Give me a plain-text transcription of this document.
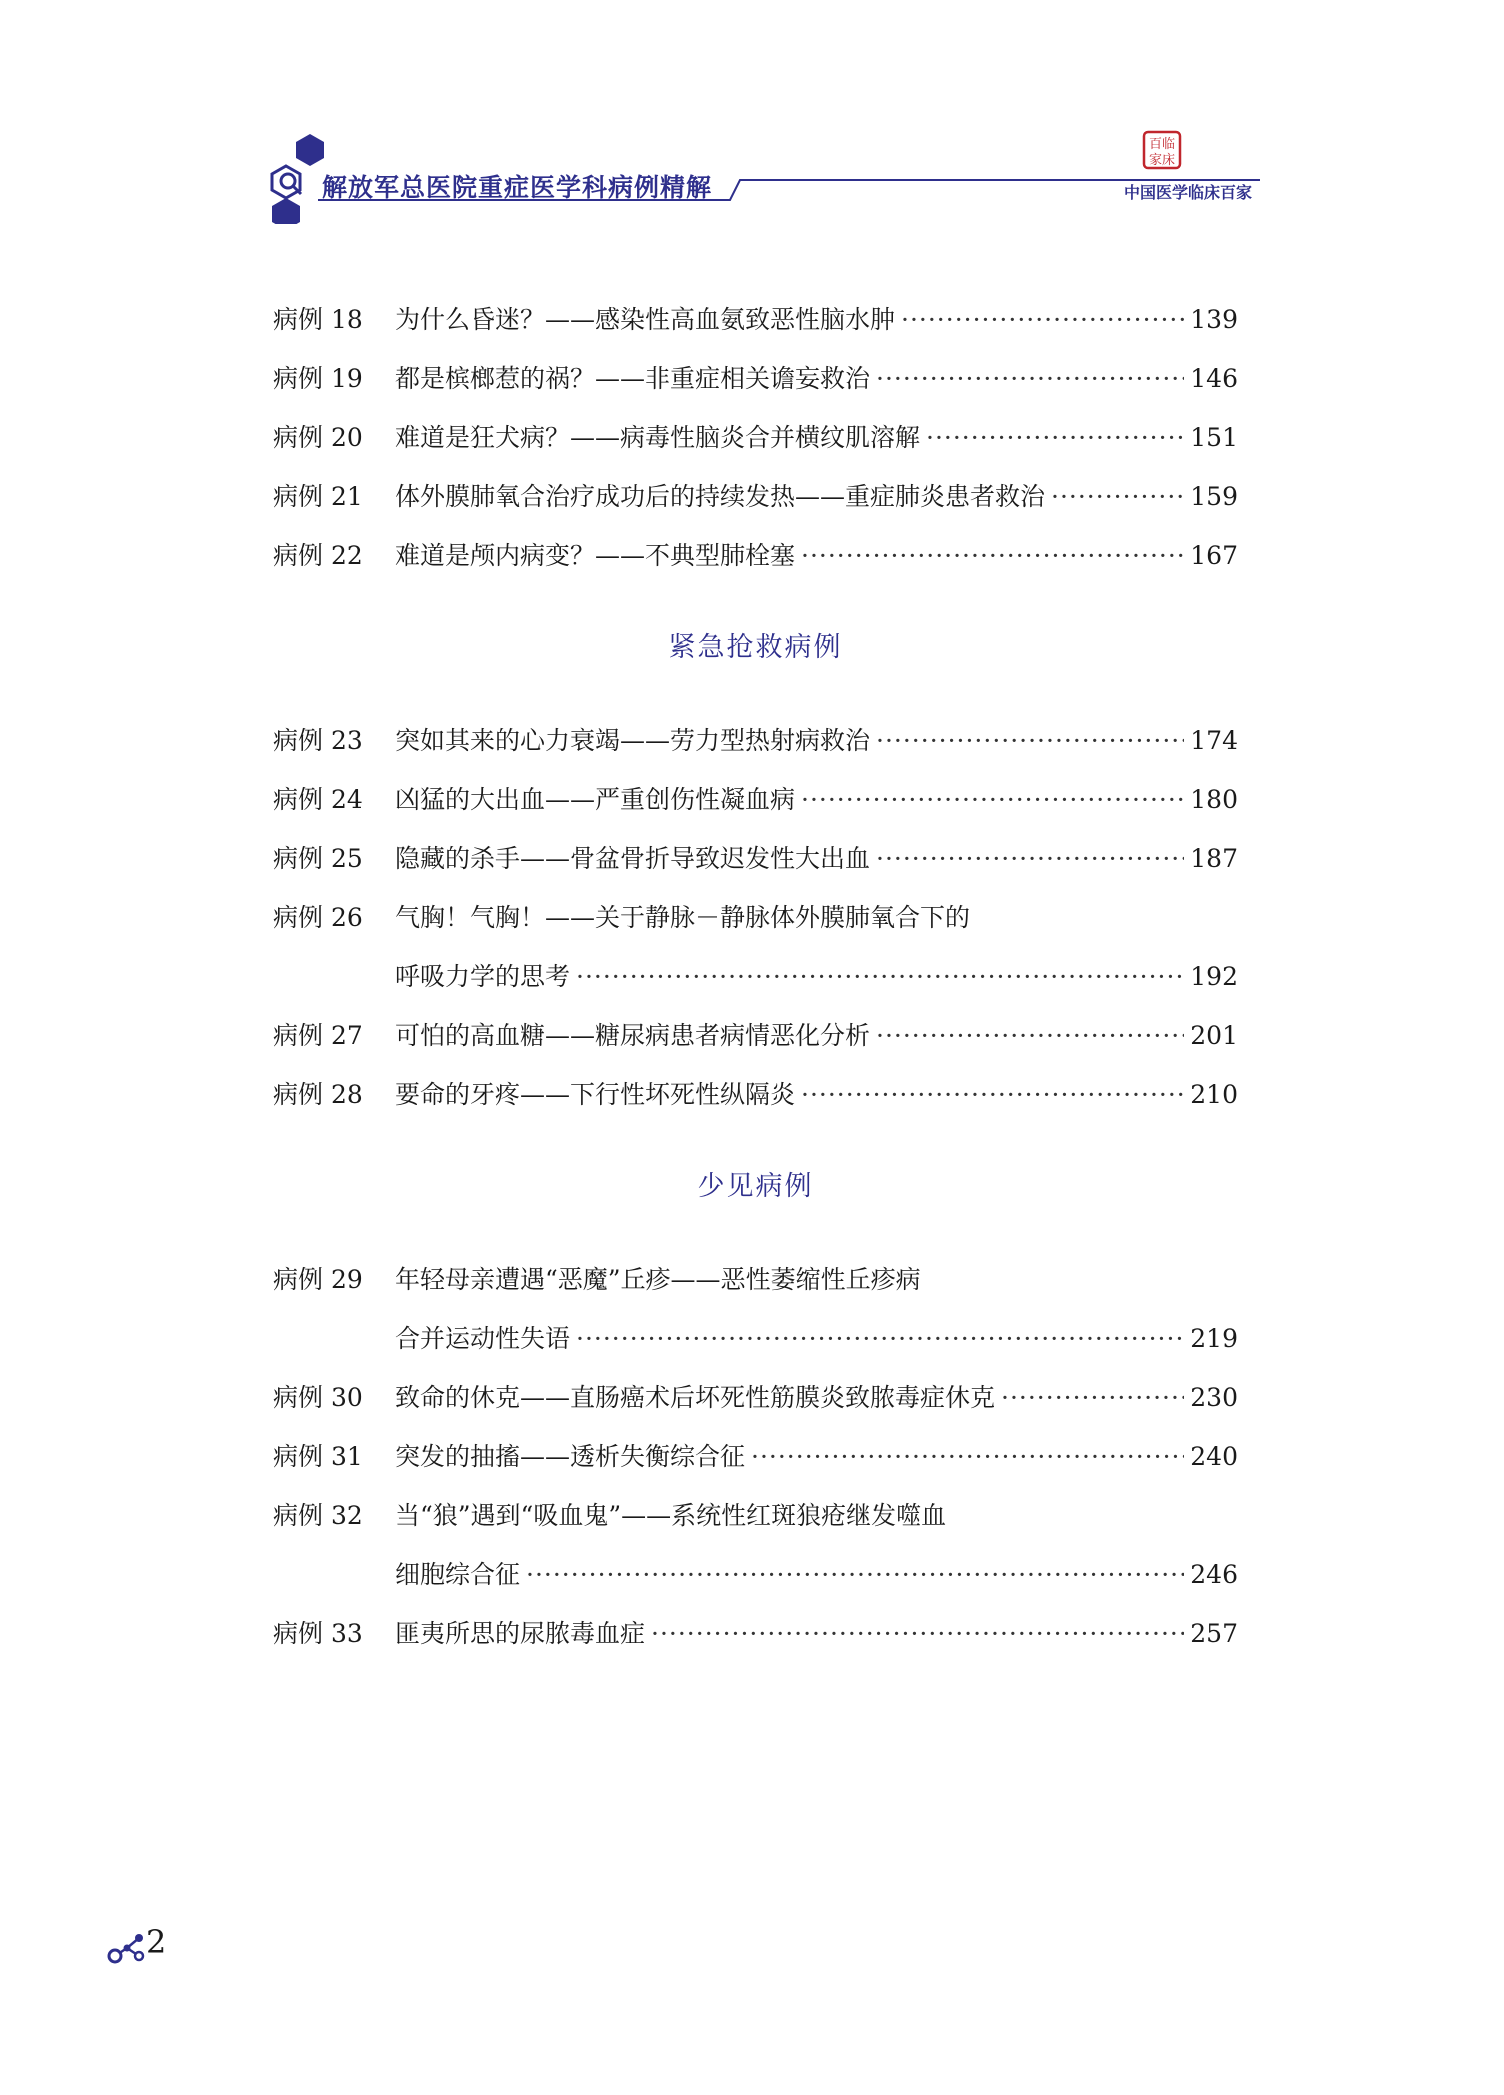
解放军总医院重症医学科病例精解
百临
家床
中国医学临床百家
病例 18 为什么昏迷？——感染性高血氨致恶性脑水肿 ·····	139
病例 19 都是槟榔惹的祸？——非重症相关谵妄救治 ·····	146
病例 20 难道是狂犬病？——病毒性脑炎合并横纹肌溶解 ·····	151
病例 21 体外膜肺氧合治疗成功后的持续发热——重症肺炎患者救治 ·····	159
病例 22 难道是颅内病变？——不典型肺栓塞 ·····	167
紧急抢救病例
病例 23 突如其来的心力衰竭——劳力型热射病救治 ·····	174
病例 24 凶猛的大出血——严重创伤性凝血病 ·····	180
病例 25 隐藏的杀手——骨盆骨折导致迟发性大出血 ·····	187
病例 26 气胸！气胸！——关于静脉－静脉体外膜肺氧合下的
呼吸力学的思考 ·····	192
病例 27 可怕的高血糖——糖尿病患者病情恶化分析 ·····	201
病例 28 要命的牙疼——下行性坏死性纵隔炎 ·····	210
少见病例
病例 29 年轻母亲遭遇“恶魔”丘疹——恶性萎缩性丘疹病
合并运动性失语 ·····	219
病例 30 致命的休克——直肠癌术后坏死性筋膜炎致脓毒症休克 ·····	230
病例 31 突发的抽搐——透析失衡综合征 ·····	240
病例 32 当“狼”遇到“吸血鬼”——系统性红斑狼疮继发噬血
细胞综合征 ·····	246
病例 33 匪夷所思的尿脓毒血症 ·····	257
2
